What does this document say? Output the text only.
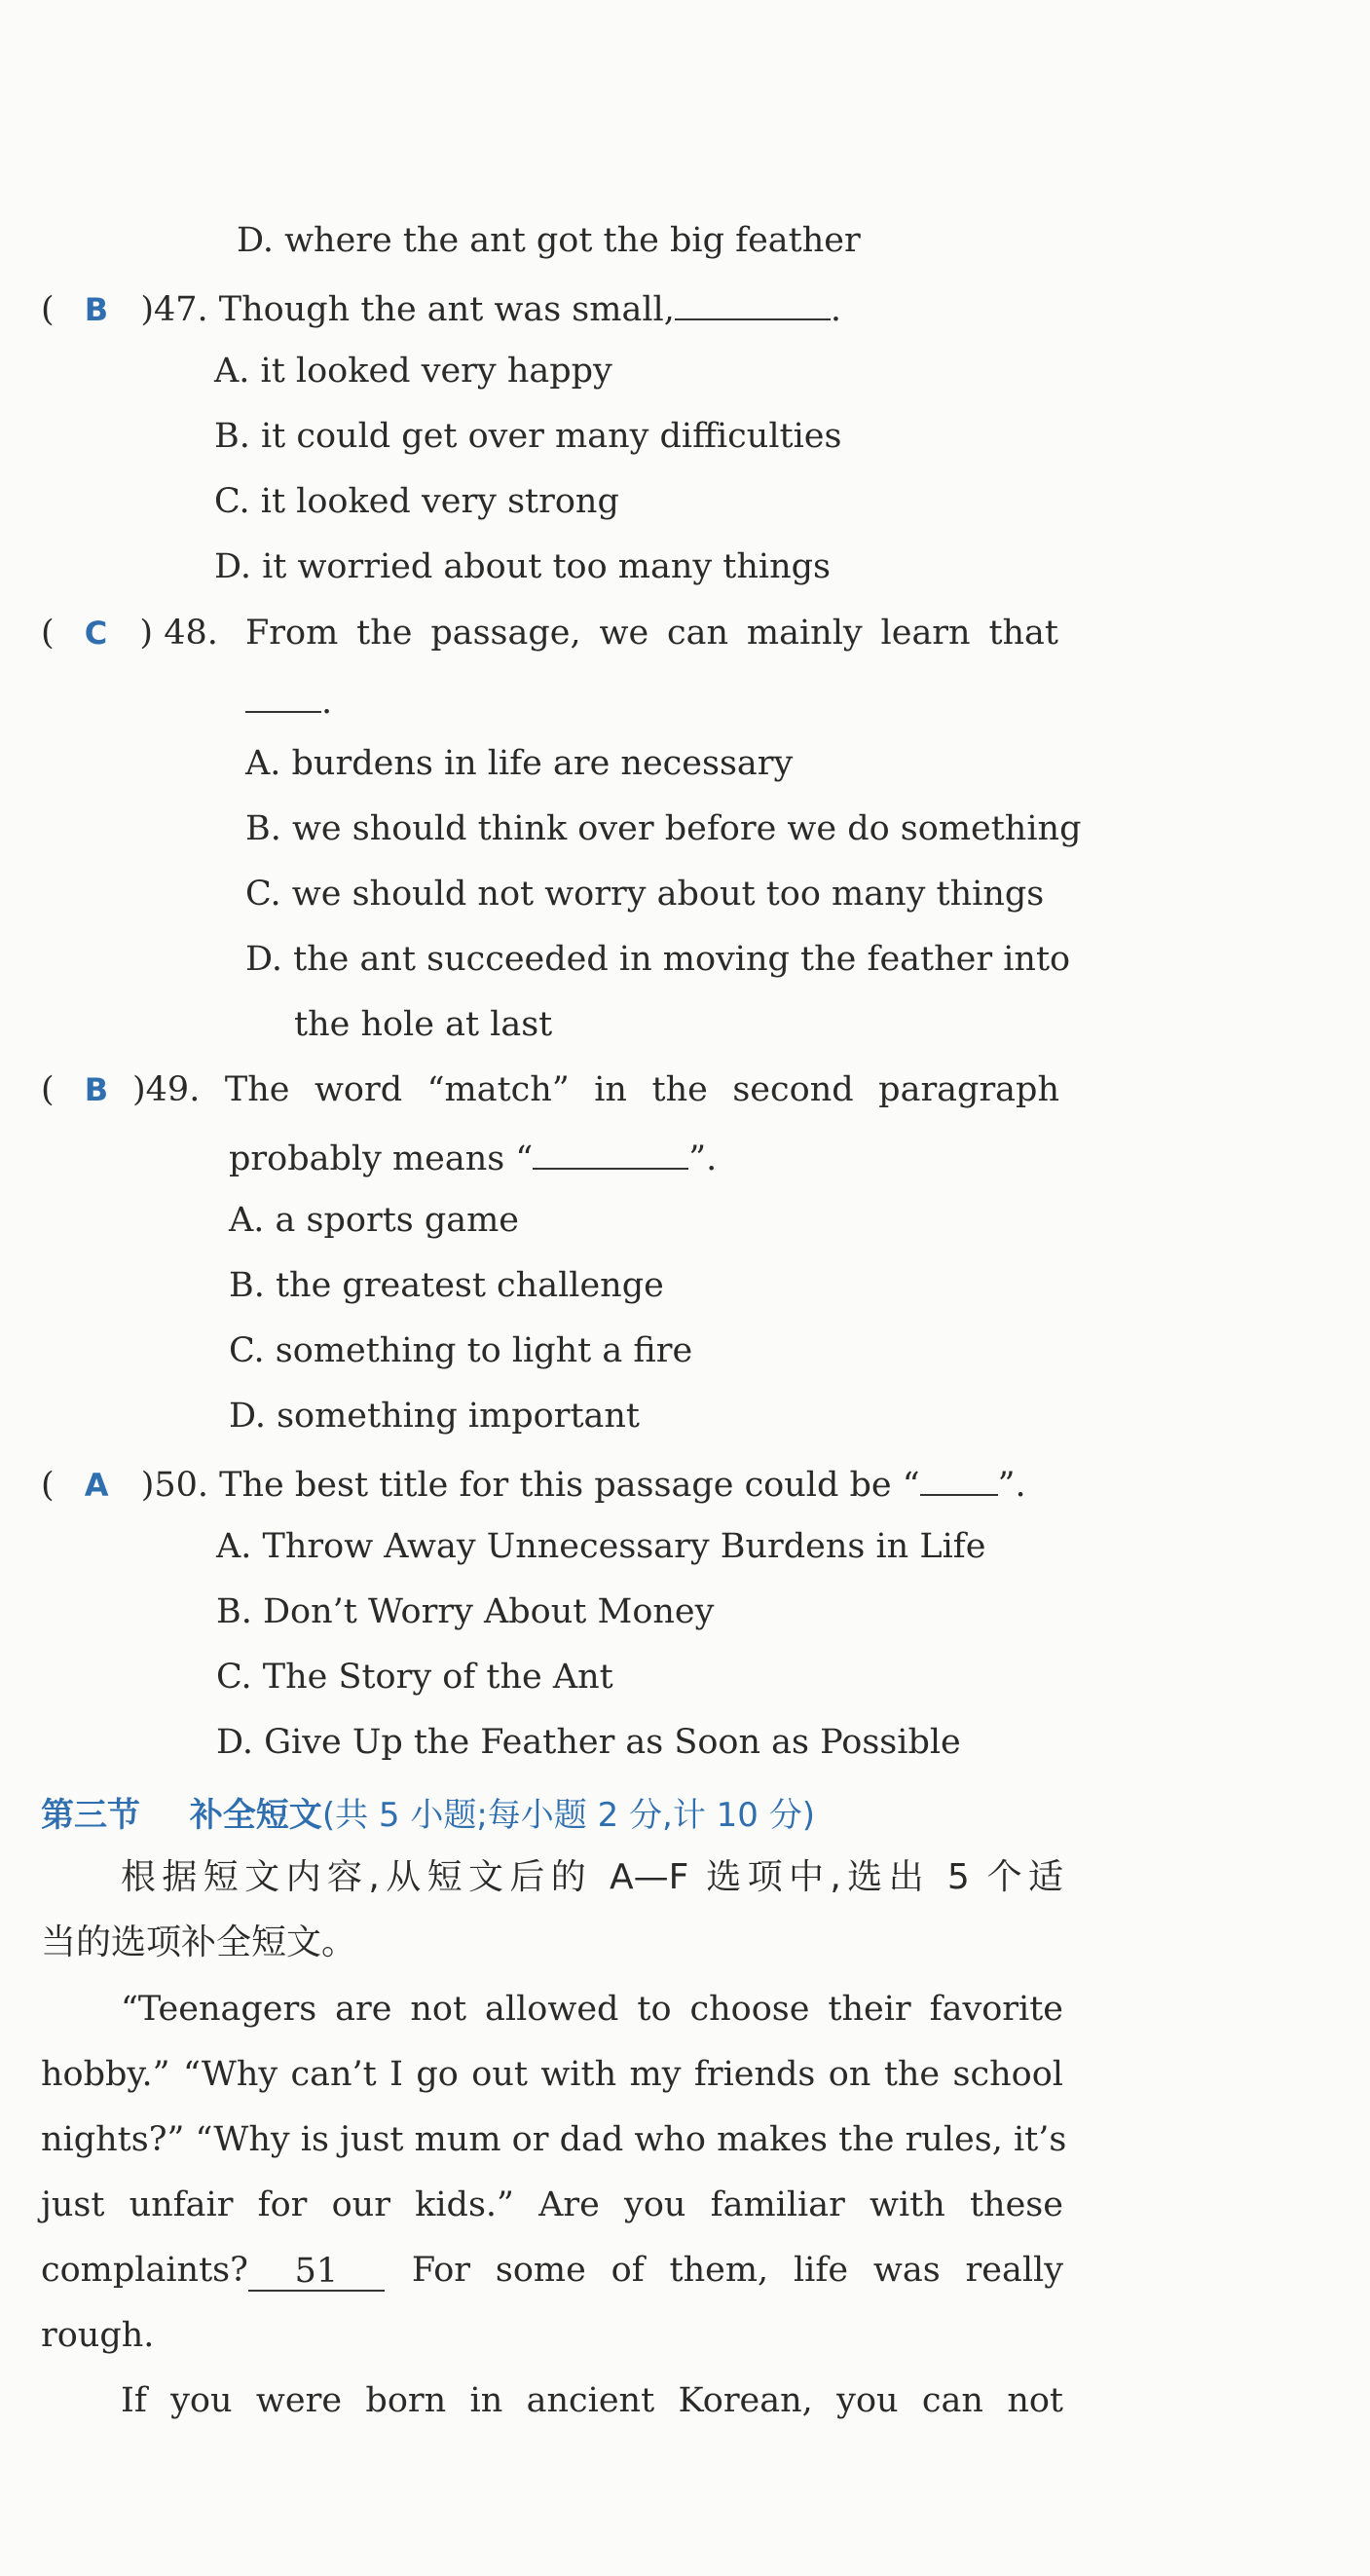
D. where the ant got the big feather
( B )47. Though the ant was small,	.
A. it looked very happy
B. it could get over many difficulties
C. it looked very strong
D. it worried about too many things
( C ) 48. From the passage, we can mainly learn that
.
A. burdens in life are necessary
B. we should think over before we do something
C. we should not worry about too many things
D. the ant succeeded in moving the feather into
the hole at last
( B )49. The word “match” in the second paragraph
probably means “	”.
A. a sports game
B. the greatest challenge
C. something to light a fire
D. something important
( A )50. The best title for this passage could be “ ”.
A. Throw Away Unnecessary Burdens in Life
B. Don’t Worry About Money
C. The Story of the Ant
D. Give Up the Feather as Soon as Possible
第三节 补全短文(共 5 小题;每小题 2 分,计 10 分)
根据短文内容,从短文后的 A—F 选项中,选出 5 个适
当的选项补全短文。
“Teenagers are not allowed to choose their favorite
hobby.” “Why can’t I go out with my friends on the school
nights?” “Why is just mum or dad who makes the rules, it’s
just unfair for our kids.” Are you familiar with these
complaints?	51	For some of them, life was really
rough.
If you were born in ancient Korean, you can not
